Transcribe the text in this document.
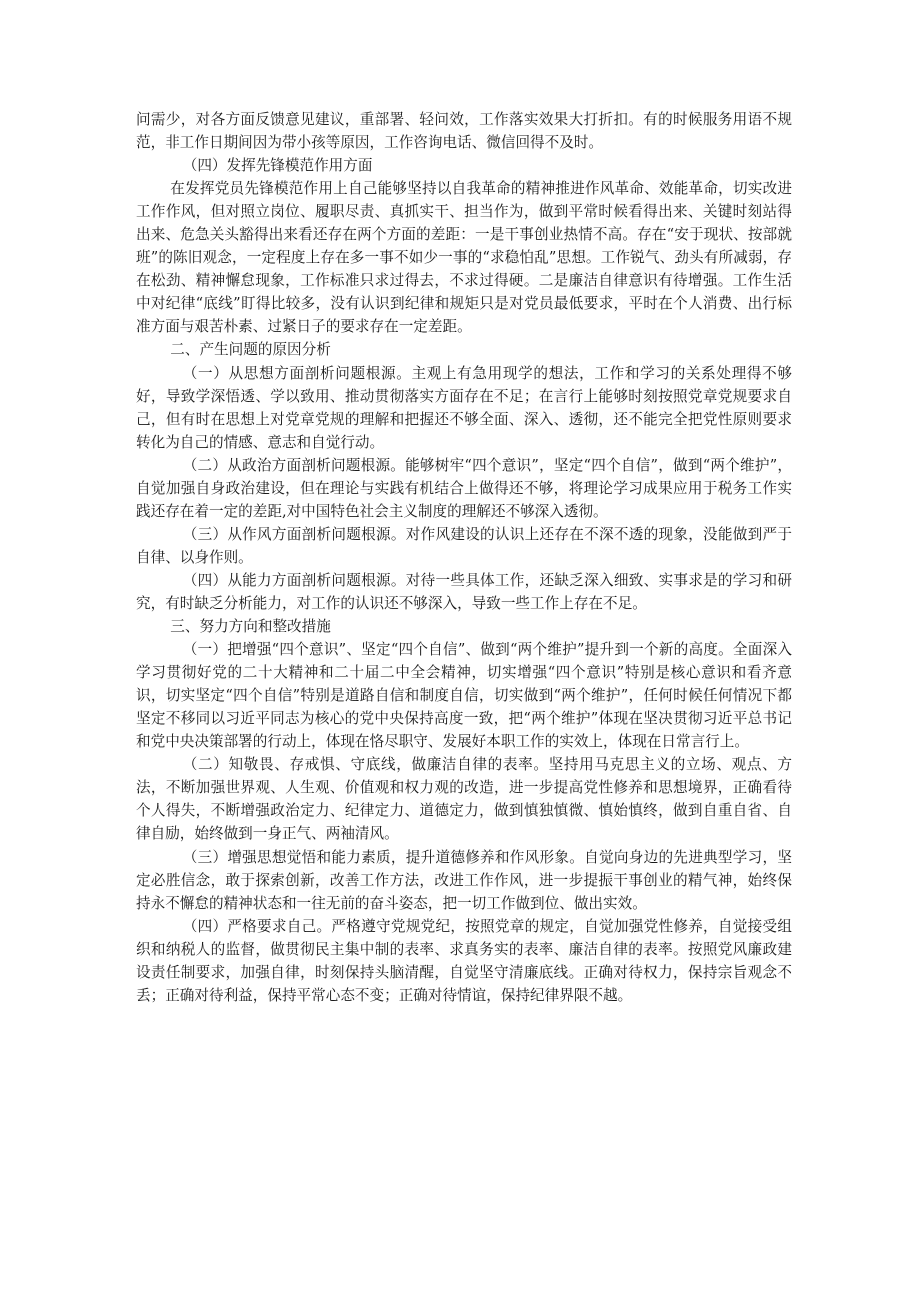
问需少，对各方面反馈意见建议，重部署、轻问效，工作落实效果大打折扣。有的时候服务用语不规范，非工作日期间因为带小孩等原因，工作咨询电话、微信回得不及时。

（四）发挥先锋模范作用方面

在发挥党员先锋模范作用上自己能够坚持以自我革命的精神推进作风革命、效能革命，切实改进工作作风，但对照立岗位、履职尽责、真抓实干、担当作为，做到平常时候看得出来、关键时刻站得出来、危急关头豁得出来看还存在两个方面的差距：一是干事创业热情不高。存在“安于现状、按部就班”的陈旧观念，一定程度上存在多一事不如少一事的“求稳怕乱”思想。工作锐气、劲头有所减弱，存在松劲、精神懈怠现象，工作标准只求过得去，不求过得硬。二是廉洁自律意识有待增强。工作生活中对纪律“底线”盯得比较多，没有认识到纪律和规矩只是对党员最低要求，平时在个人消费、出行标准方面与艰苦朴素、过紧日子的要求存在一定差距。

二、产生问题的原因分析

（一）从思想方面剖析问题根源。主观上有急用现学的想法，工作和学习的关系处理得不够好，导致学深悟透、学以致用、推动贯彻落实方面存在不足；在言行上能够时刻按照党章党规要求自己，但有时在思想上对党章党规的理解和把握还不够全面、深入、透彻，还不能完全把党性原则要求转化为自己的情感、意志和自觉行动。

（二）从政治方面剖析问题根源。能够树牢“四个意识”，坚定“四个自信”，做到“两个维护”，自觉加强自身政治建设，但在理论与实践有机结合上做得还不够，将理论学习成果应用于税务工作实践还存在着一定的差距,对中国特色社会主义制度的理解还不够深入透彻。

（三）从作风方面剖析问题根源。对作风建设的认识上还存在不深不透的现象，没能做到严于自律、以身作则。

（四）从能力方面剖析问题根源。对待一些具体工作，还缺乏深入细致、实事求是的学习和研究，有时缺乏分析能力，对工作的认识还不够深入，导致一些工作上存在不足。

三、努力方向和整改措施

（一）把增强“四个意识”、坚定“四个自信”、做到“两个维护”提升到一个新的高度。全面深入学习贯彻好党的二十大精神和二十届二中全会精神，切实增强“四个意识”特别是核心意识和看齐意识，切实坚定“四个自信”特别是道路自信和制度自信，切实做到“两个维护”，任何时候任何情况下都坚定不移同以习近平同志为核心的党中央保持高度一致，把“两个维护”体现在坚决贯彻习近平总书记和党中央决策部署的行动上，体现在恪尽职守、发展好本职工作的实效上，体现在日常言行上。

（二）知敬畏、存戒惧、守底线，做廉洁自律的表率。坚持用马克思主义的立场、观点、方法，不断加强世界观、人生观、价值观和权力观的改造，进一步提高党性修养和思想境界，正确看待个人得失，不断增强政治定力、纪律定力、道德定力，做到慎独慎微、慎始慎终，做到自重自省、自律自励，始终做到一身正气、两袖清风。

（三）增强思想觉悟和能力素质，提升道德修养和作风形象。自觉向身边的先进典型学习，坚定必胜信念，敢于探索创新，改善工作方法，改进工作作风，进一步提振干事创业的精气神，始终保持永不懈怠的精神状态和一往无前的奋斗姿态，把一切工作做到位、做出实效。

（四）严格要求自己。严格遵守党规党纪，按照党章的规定，自觉加强党性修养，自觉接受组织和纳税人的监督，做贯彻民主集中制的表率、求真务实的表率、廉洁自律的表率。按照党风廉政建设责任制要求，加强自律，时刻保持头脑清醒，自觉坚守清廉底线。正确对待权力，保持宗旨观念不丢；正确对待利益，保持平常心态不变；正确对待情谊，保持纪律界限不越。
